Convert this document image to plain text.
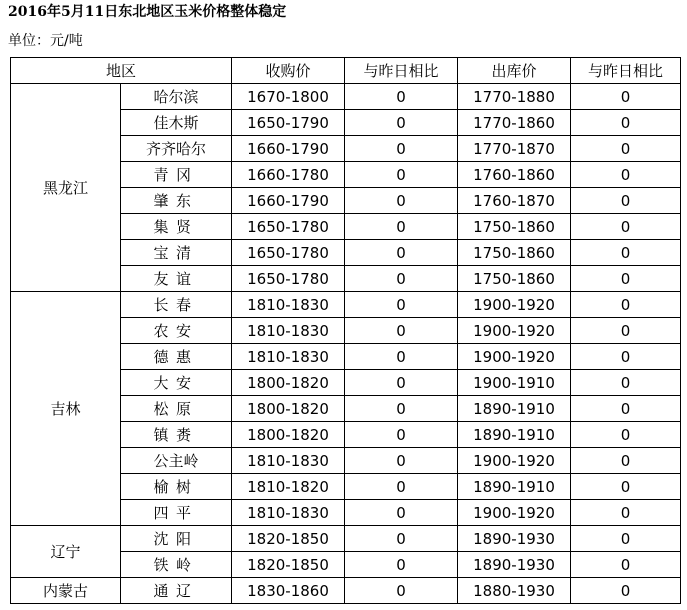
2016年5月11日东北地区玉米价格整体稳定
单位：元/吨
地区		收购价	与昨日相比	出库价	与昨日相比
黑龙江	哈尔滨	1670-1800	0	1770-1880	0
	佳木斯	1650-1790	0	1770-1860	0
	齐齐哈尔	1660-1790	0	1770-1870	0
	青冈	1660-1780	0	1760-1860	0
	肇东	1660-1790	0	1760-1870	0
	集贤	1650-1780	0	1750-1860	0
	宝清	1650-1780	0	1750-1860	0
	友谊	1650-1780	0	1750-1860	0
吉林	长春	1810-1830	0	1900-1920	0
	农安	1810-1830	0	1900-1920	0
	德惠	1810-1830	0	1900-1920	0
	大安	1800-1820	0	1900-1910	0
	松原	1800-1820	0	1890-1910	0
	镇赉	1800-1820	0	1890-1910	0
	公主岭	1810-1830	0	1900-1920	0
	榆树	1810-1820	0	1890-1910	0
	四平	1810-1830	0	1900-1920	0
辽宁	沈阳	1820-1850	0	1890-1930	0
	铁岭	1820-1850	0	1890-1930	0
内蒙古	通辽	1830-1860	0	1880-1930	0
